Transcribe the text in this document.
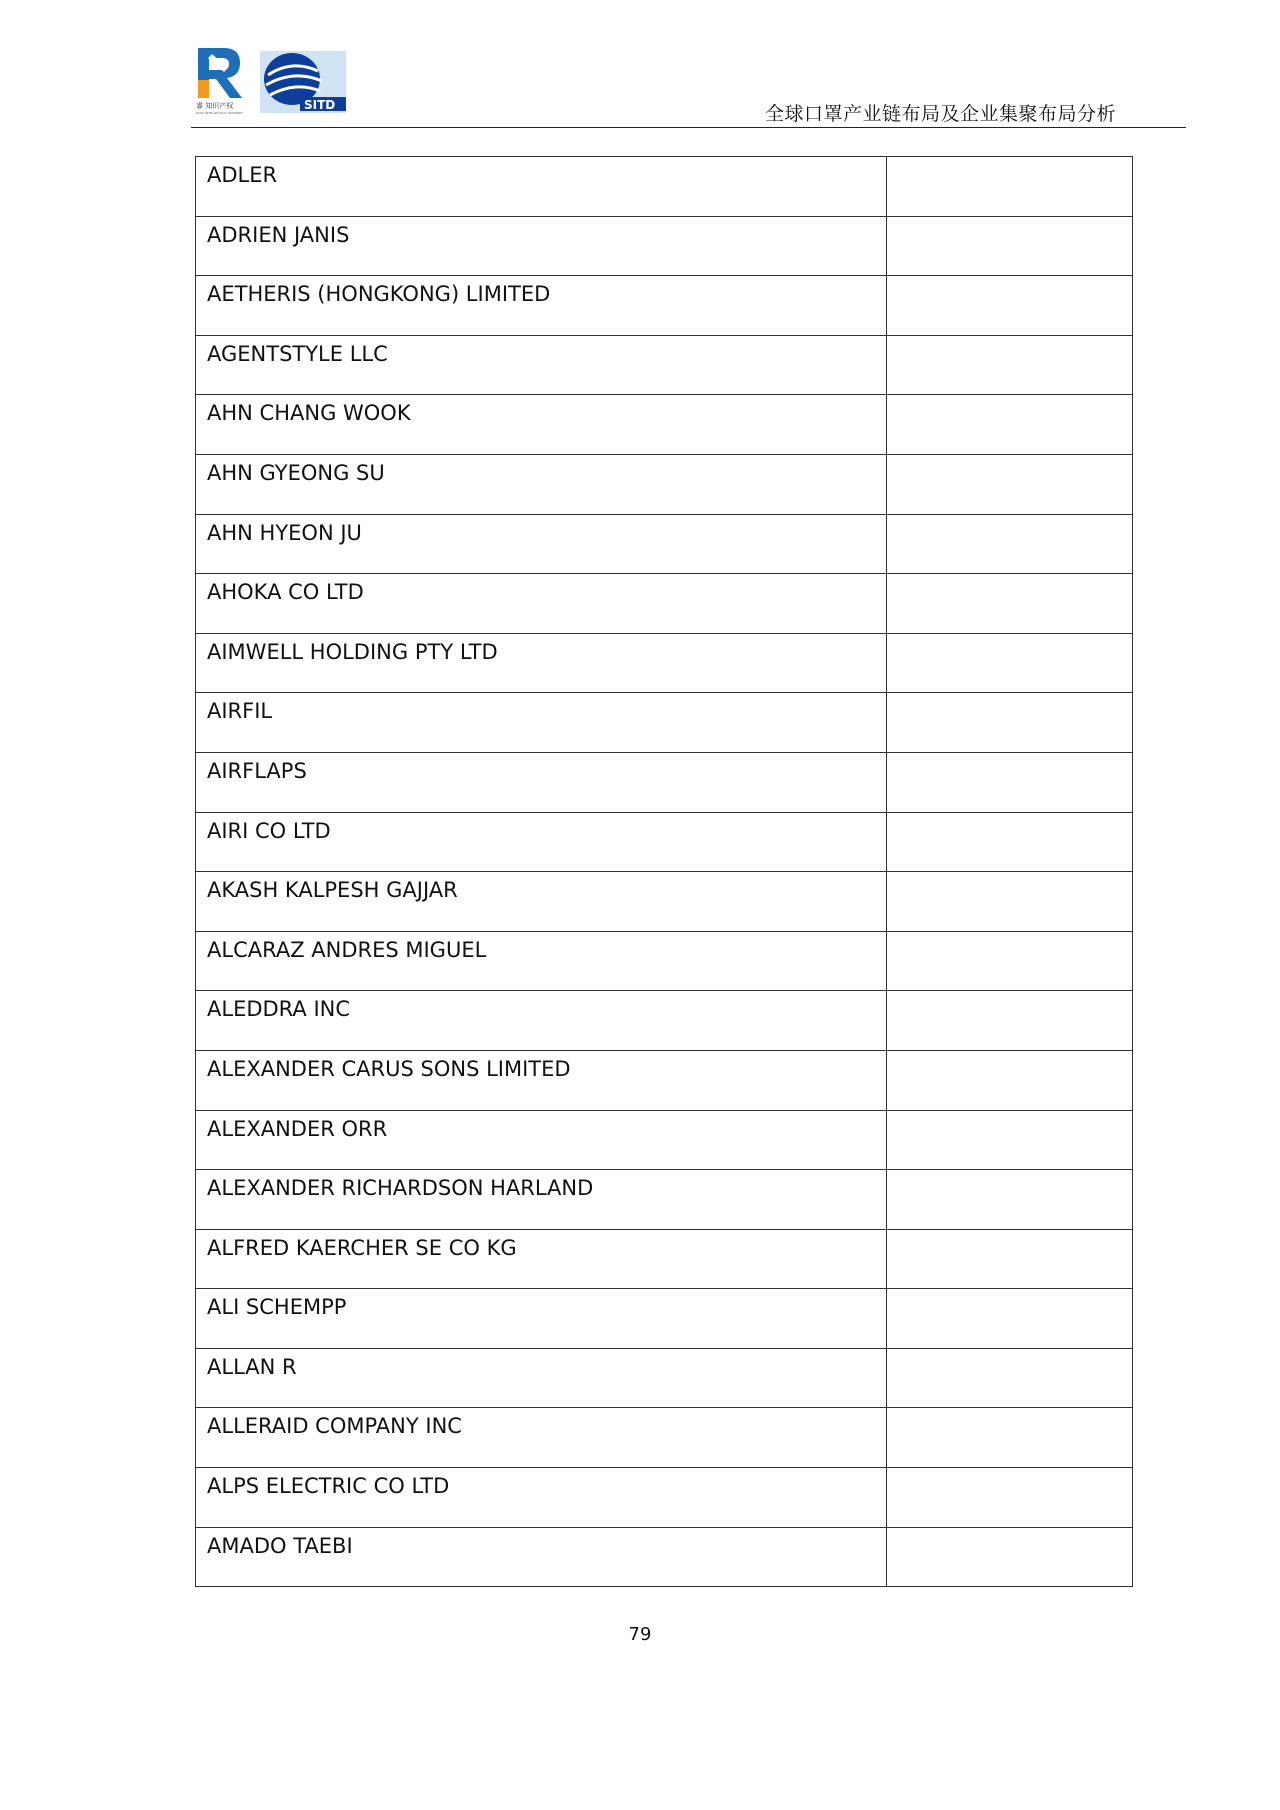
睿 知识产权
RUIXI INTELLECTUAL PROPERTY
SITD	全球口罩产业链布局及企业集聚布局分析
ADLER	

ADRIEN JANIS	

AETHERIS (HONGKONG) LIMITED	

AGENTSTYLE LLC	

AHN CHANG WOOK	

AHN GYEONG SU	

AHN HYEON JU	

AHOKA CO LTD	

AIMWELL HOLDING PTY LTD	

AIRFIL	

AIRFLAPS	

AIRI CO LTD	

AKASH KALPESH GAJJAR	

ALCARAZ ANDRES MIGUEL	

ALEDDRA INC	

ALEXANDER CARUS SONS LIMITED	

ALEXANDER ORR	

ALEXANDER RICHARDSON HARLAND	

ALFRED KAERCHER SE CO KG	

ALI SCHEMPP	

ALLAN R	

ALLERAID COMPANY INC	

ALPS ELECTRIC CO LTD	

AMADO TAEBI	

79
